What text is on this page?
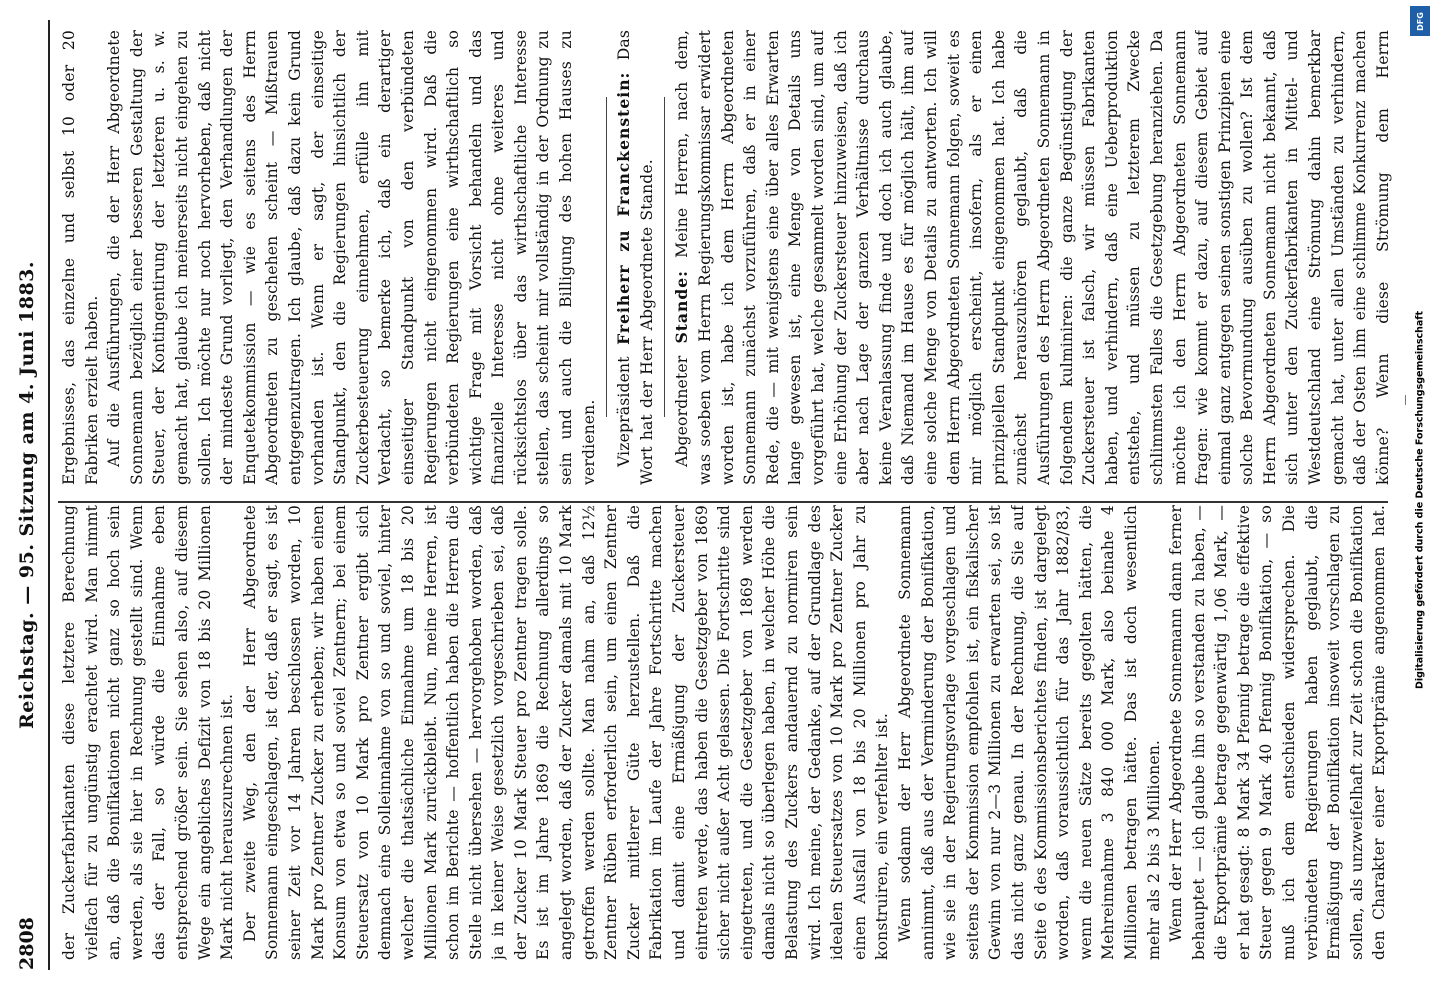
2808
Reichstag. — 95. Sitzung am 4. Juni 1883.

der Zuckerfabrikanten diese letztere Berechnung vielfach für zu ungünstig erachtet wird. Man nimmt an, daß die Bonifikationen nicht ganz so hoch sein werden, als sie hier in Rechnung gestellt sind. Wenn das der Fall, so würde die Einnahme eben entsprechend größer sein. Sie sehen also, auf diesem Wege ein angebliches Defizit von 18 bis 20 Millionen Mark nicht herauszurechnen ist. Der zweite Weg, den der Herr Abgeordnete Sonnemann eingeschlagen, ist der, daß er sagt, es ist seiner Zeit vor 14 Jahren beschlossen worden, 10 Mark pro Zentner Zucker zu erheben; wir haben einen Konsum von etwa so und soviel Zentnern; bei einem Steuersatz von 10 Mark pro Zentner ergibt sich demnach eine Solleinnahme von so und soviel, hinter welcher die thatsächliche Einnahme um 18 bis 20 Millionen Mark zurückbleibt. Nun, meine Herren, ist schon im Berichte — hoffentlich haben die Herren die Stelle nicht übersehen — hervorgehoben worden, daß ja in keiner Weise gesetzlich vorgeschrieben sei, daß der Zucker 10 Mark Steuer pro Zentner tragen solle. Es ist im Jahre 1869 die Rechnung allerdings so angelegt worden, daß der Zucker damals mit 10 Mark getroffen werden sollte. Man nahm an, daß 12½ Zentner Rüben erforderlich sein, um einen Zentner Zucker mittlerer Güte herzustellen. Daß die Fabrikation im Laufe der Jahre Fortschritte machen und damit eine Ermäßigung der Zuckersteuer eintreten werde, das haben die Gesetzgeber von 1869 sicher nicht außer Acht gelassen. Die Fortschritte sind eingetreten, und die Gesetzgeber von 1869 werden damals nicht so überlegen haben, in welcher Höhe die Belastung des Zuckers andauernd zu normiren sein wird. Ich meine, der Gedanke, auf der Grundlage des idealen Steuersatzes von 10 Mark pro Zentner Zucker einen Ausfall von 18 bis 20 Millionen pro Jahr zu konstruiren, ein verfehlter ist. Wenn sodann der Herr Abgeordnete Sonnemann annimmt, daß aus der Verminderung der Bonifikation, wie sie in der Regierungsvorlage vorgeschlagen und seitens der Kommission empfohlen ist, ein fiskalischer Gewinn von nur 2—3 Millionen zu erwarten sei, so ist das nicht ganz genau. In der Rechnung, die Sie auf Seite 6 des Kommissionsberichtes finden, ist dargelegt worden, daß voraussichtlich für das Jahr 1882/83, wenn die neuen Sätze bereits gegolten hätten, die Mehreinnahme 3 840 000 Mark, also beinahe 4 Millionen betragen hätte. Das ist doch wesentlich mehr als 2 bis 3 Millionen. Wenn der Herr Abgeordnete Sonnemann dann ferner behauptet — ich glaube ihn so verstanden zu haben, — die Exportprämie betrage gegenwärtig 1,06 Mark, — er hat gesagt: 8 Mark 34 Pfennig betrage die effektive Steuer gegen 9 Mark 40 Pfennig Bonifikation, — so muß ich dem entschieden widersprechen. Die verbündeten Regierungen haben geglaubt, die Ermäßigung der Bonifikation insoweit vorschlagen zu sollen, als unzweifelhaft zur Zeit schon die Bonifikation den Charakter einer Exportprämie angenommen hat.

Ergebnisses, das einzelne und selbst 10 oder 20 Fabriken erzielt haben. Auf die Ausführungen, die der Herr Abgeordnete Sonnemann bezüglich einer besseren Gestaltung der Steuer, der Kontingentirung der letzteren u. s. w. gemacht hat, glaube ich meinerseits nicht eingehen zu sollen. Ich möchte nur noch hervorheben, daß nicht der mindeste Grund vorliegt, den Verhandlungen der Enquetekommission — wie es seitens des Herrn Abgeordneten zu geschehen scheint — Mißtrauen entgegenzutragen. Ich glaube, daß dazu kein Grund vorhanden ist. Wenn er sagt, der einseitige Standpunkt, den die Regierungen hinsichtlich der Zuckerbesteuerung einnehmen, erfülle ihn mit Verdacht, so bemerke ich, daß ein derartiger einseitiger Standpunkt von den verbündeten Regierungen nicht eingenommen wird. Daß die verbündeten Regierungen eine wirthschaftlich so wichtige Frage mit Vorsicht behandeln und das finanzielle Interesse nicht ohne weiteres und rücksichtslos über das wirthschaftliche Interesse stellen, das scheint mir vollständig in der Ordnung zu sein und auch die Billigung des hohen Hauses zu verdienen. Vizepräsident Freiherr zu Franckenstein: Das Wort hat der Herr Abgeordnete Stande. Abgeordneter Stande: Meine Herren, nach dem, was soeben vom Herrn Regierungskommissar erwidert worden ist, habe ich dem Herrn Abgeordneten Sonnemann zunächst vorzuführen, daß er in einer Rede, die — mit wenigstens eine über alles Erwarten lange gewesen ist, eine Menge von Details uns vorgeführt hat, welche gesammelt worden sind, um auf eine Erhöhung der Zuckersteuer hinzuweisen, daß ich aber nach Lage der ganzen Verhältnisse durchaus keine Veranlassung finde und doch ich auch glaube, daß Niemand im Hause es für möglich hält, ihm auf eine solche Menge von Details zu antworten. Ich will dem Herrn Abgeordneten Sonnemann folgen, soweit es mir möglich erscheint, insofern, als er einen prinzipiellen Standpunkt eingenommen hat. Ich habe zunächst herauszuhören geglaubt, daß die Ausführungen des Herrn Abgeordneten Sonnemann in folgendem kulminiren: die ganze Begünstigung der Zuckersteuer ist falsch, wir müssen Fabrikanten haben, und verhindern, daß eine Ueberproduktion entstehe, und müssen zu letzterem Zwecke schlimmsten Falles die Gesetzgebung heranziehen. Da möchte ich den Herrn Abgeordneten Sonnemann fragen: wie kommt er dazu, auf diesem Gebiet auf einmal ganz entgegen seinen sonstigen Prinzipien eine solche Bevormundung ausüben zu wollen? Ist dem Herrn Abgeordneten Sonnemann nicht bekannt, daß sich unter den Zuckerfabrikanten in Mittel- und Westdeutschland eine Strömung dahin bemerkbar gemacht hat, unter allen Umständen zu verhindern, daß der Osten ihm eine schlimme Konkurrenz machen könne? Wenn diese Strömung dem Herrn

DFG
Digitalisierung gefördert durch die Deutsche Forschungsgemeinschaft
